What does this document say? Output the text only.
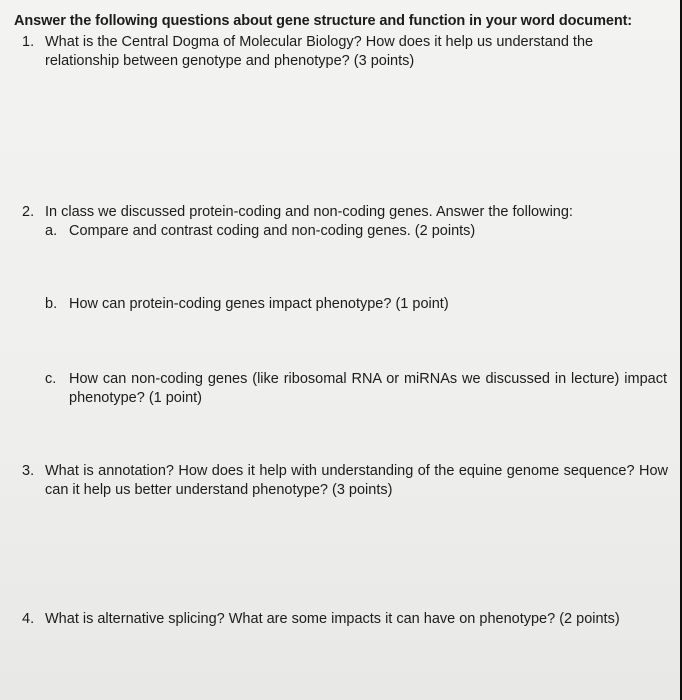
Answer the following questions about gene structure and function in your word document:
1. What is the Central Dogma of Molecular Biology? How does it help us understand the relationship between genotype and phenotype? (3 points)
2. In class we discussed protein-coding and non-coding genes. Answer the following:
a. Compare and contrast coding and non-coding genes. (2 points)
b. How can protein-coding genes impact phenotype? (1 point)
c. How can non-coding genes (like ribosomal RNA or miRNAs we discussed in lecture) impact phenotype? (1 point)
3. What is annotation? How does it help with understanding of the equine genome sequence? How can it help us better understand phenotype? (3 points)
4. What is alternative splicing? What are some impacts it can have on phenotype? (2 points)
